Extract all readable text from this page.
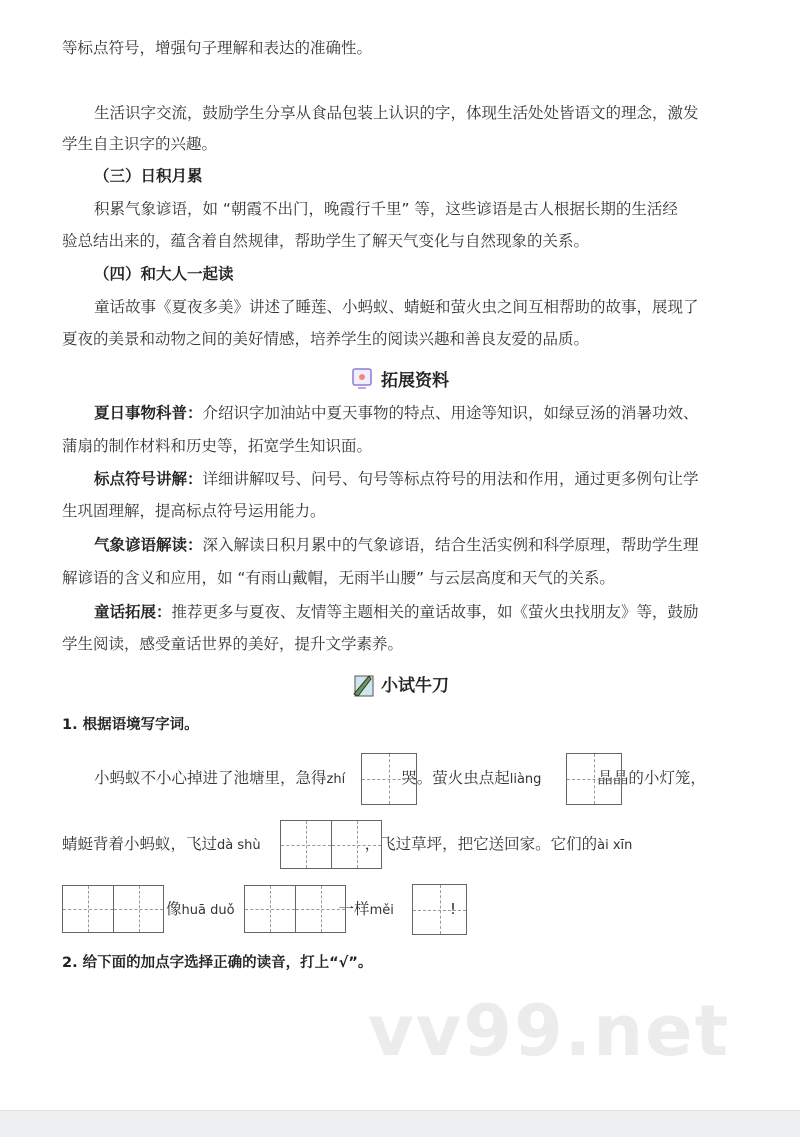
等标点符号，增强句子理解和表达的准确性。
生活识字交流，鼓励学生分享从食品包装上认识的字，体现生活处处皆语文的理念，激发
学生自主识字的兴趣。
（三）日积月累
积累气象谚语，如 “朝霞不出门，晚霞行千里” 等，这些谚语是古人根据长期的生活经
验总结出来的，蕴含着自然规律，帮助学生了解天气变化与自然现象的关系。
（四）和大人一起读
童话故事《夏夜多美》讲述了睡莲、小蚂蚁、蜻蜓和萤火虫之间互相帮助的故事，展现了
夏夜的美景和动物之间的美好情感，培养学生的阅读兴趣和善良友爱的品质。
拓展资料
夏日事物科普：介绍识字加油站中夏天事物的特点、用途等知识，如绿豆汤的消暑功效、
蒲扇的制作材料和历史等，拓宽学生知识面。
标点符号讲解：详细讲解叹号、问号、句号等标点符号的用法和作用，通过更多例句让学
生巩固理解，提高标点符号运用能力。
气象谚语解读：深入解读日积月累中的气象谚语，结合生活实例和科学原理，帮助学生理
解谚语的含义和应用，如 “有雨山戴帽，无雨半山腰” 与云层高度和天气的关系。
童话拓展：推荐更多与夏夜、友情等主题相关的童话故事，如《萤火虫找朋友》等，鼓励
学生阅读，感受童话世界的美好，提升文学素养。
小试牛刀
1. 根据语境写字词。
小蚂蚁不小心掉进了池塘里，急得zhí	哭。萤火虫点起liàng	晶晶的小灯笼，
蜻蜓背着小蚂蚁，飞过dà shù	，飞过草坪，把它送回家。它们的ài xīn
像huā duǒ	一样měi	!
2. 给下面的加点字选择正确的读音，打上“√”。
vv99.net
